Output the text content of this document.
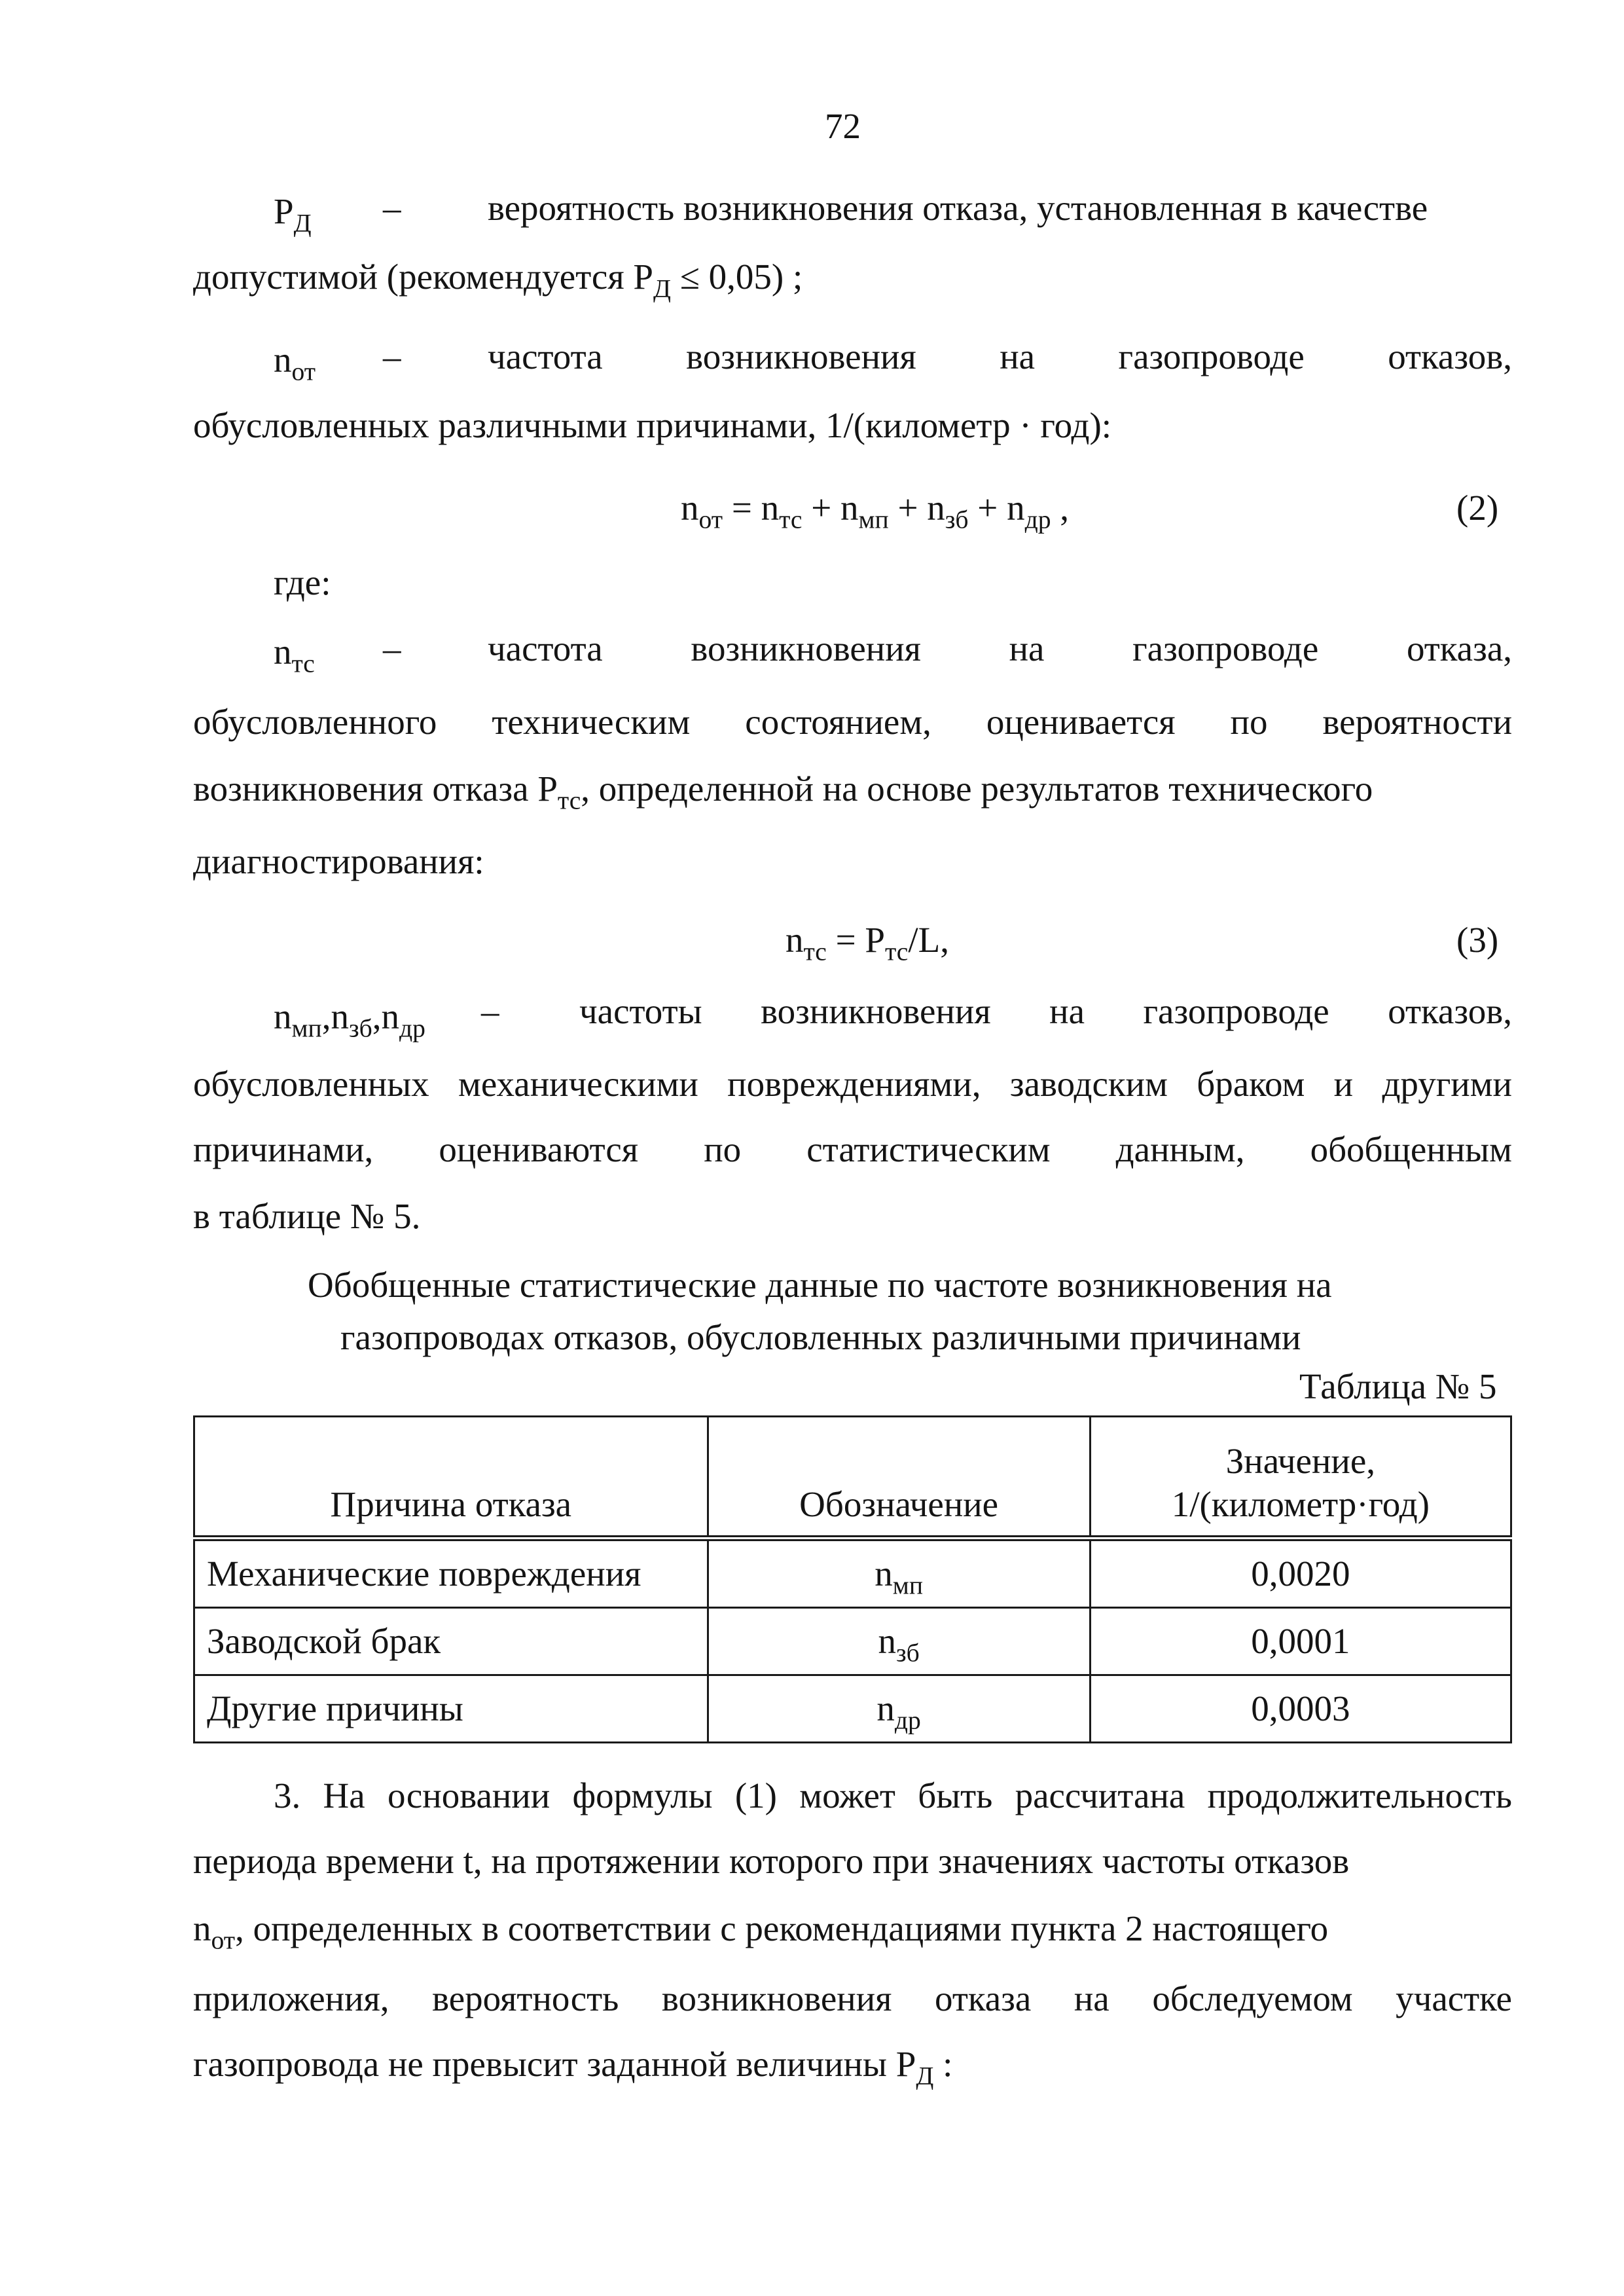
72
$P_Д$ – вероятность возникновения отказа, установленная в качестве
допустимой (рекомендуется $P_Д \le 0,05$) ;
$n_{от}$ – частота возникновения на газопроводе отказов,
обусловленных различными причинами, 1/(километр · год):
$n_{от} = n_{тс} + n_{мп} + n_{зб} + n_{др}$ ,	(2)
где:
$n_{тс}$ – частота возникновения на газопроводе отказа,
обусловленного техническим состоянием, оценивается по вероятности
возникновения отказа $P_{тс}$, определенной на основе результатов технического
диагностирования:
$n_{тс} = P_{тс}/L$,	(3)
$n_{мп},n_{зб},n_{др}$ – частоты возникновения на газопроводе отказов,
обусловленных механическими повреждениями, заводским браком и другими
причинами, оцениваются по статистическим данным, обобщенным
в таблице № 5.
Обобщенные статистические данные по частоте возникновения на
газопроводах отказов, обусловленных различными причинами
Таблица № 5
Причина отказа	Обозначение	Значение,
1/(километр·год)
Механические повреждения	$n_{мп}$	0,0020
Заводской брак	$n_{зб}$	0,0001
Другие причины	$n_{др}$	0,0003
3. На основании формулы (1) может быть рассчитана продолжительность
периода времени t, на протяжении которого при значениях частоты отказов
$n_{от}$, определенных в соответствии с рекомендациями пункта 2 настоящего
приложения, вероятность возникновения отказа на обследуемом участке
газопровода не превысит заданной величины $P_Д$ :
